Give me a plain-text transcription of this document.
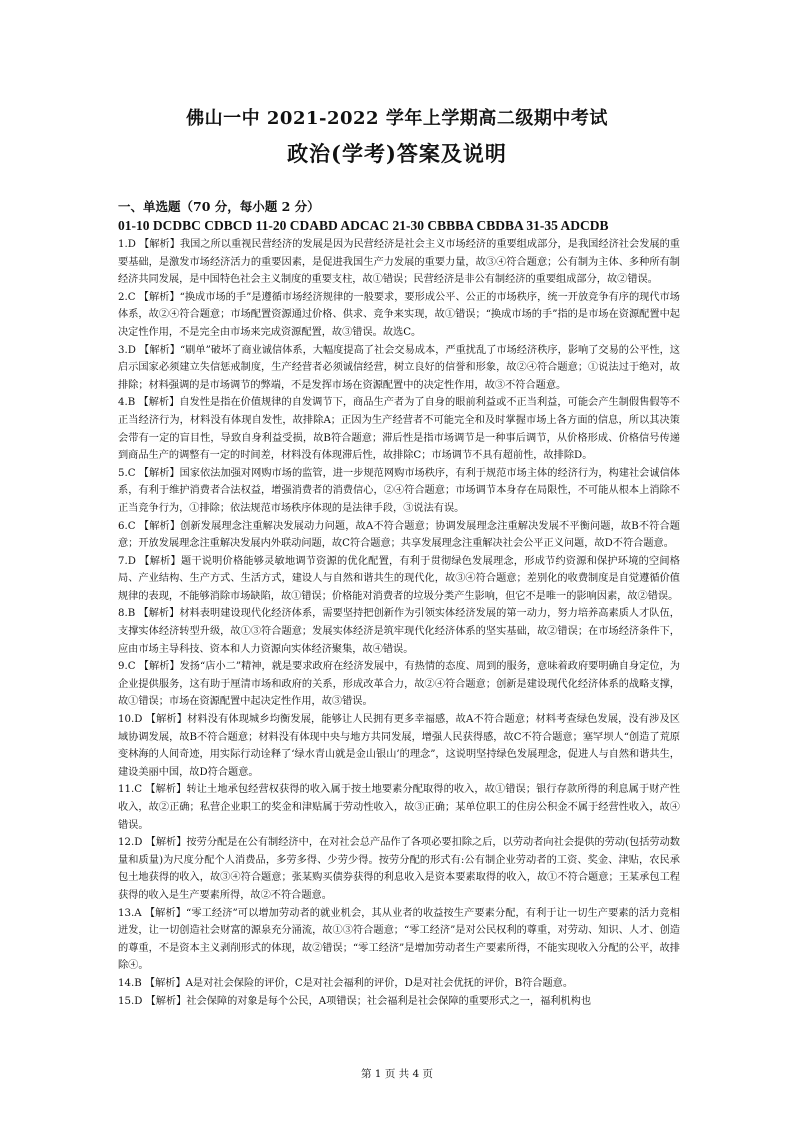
佛山一中 2021-2022 学年上学期高二级期中考试
政治(学考)答案及说明
一、单选题（70 分，每小题 2 分）
01-10 DCDBC CDBCD 11-20 CDABD ADCAC 21-30 CBBBA CBDBA 31-35 ADCDB

1.D 【解析】我国之所以重视民营经济的发展是因为民营经济是社会主义市场经济的重要组成部分，是我国经济社会发展的重要基础，是激发市场经济活力的重要因素，是促进我国生产力发展的重要力量，故③④符合题意；公有制为主体、多种所有制经济共同发展，是中国特色社会主义制度的重要支柱，故①错误；民营经济是非公有制经济的重要组成部分，故②错误。

2.C 【解析】“换成市场的手”是遵循市场经济规律的一般要求，要形成公平、公正的市场秩序，统一开放竞争有序的现代市场体系，故②④符合题意；市场配置资源通过价格、供求、竞争来实现，故①错误；“换成市场的手”指的是市场在资源配置中起决定性作用，不是完全由市场来完成资源配置，故③错误。故选C。

3.D 【解析】“刷单”破坏了商业诚信体系，大幅度提高了社会交易成本，严重扰乱了市场经济秩序，影响了交易的公平性，这启示国家必须建立失信惩戒制度，生产经营者必须诚信经营，树立良好的信誉和形象，故②④符合题意；①说法过于绝对，故排除；材料强调的是市场调节的弊端，不是发挥市场在资源配置中的决定性作用，故③不符合题意。

4.B 【解析】自发性是指在价值规律的自发调节下，商品生产者为了自身的眼前利益或不正当利益，可能会产生制假售假等不正当经济行为，材料没有体现自发性，故排除A；正因为生产经营者不可能完全和及时掌握市场上各方面的信息，所以其决策会带有一定的盲目性，导致自身利益受损，故B符合题意；滞后性是指市场调节是一种事后调节，从价格形成、价格信号传递到商品生产的调整有一定的时间差，材料没有体现滞后性，故排除C；市场调节不具有超前性，故排除D。

5.C 【解析】国家依法加强对网购市场的监管，进一步规范网购市场秩序，有利于规范市场主体的经济行为，构建社会诚信体系，有利于维护消费者合法权益，增强消费者的消费信心，②④符合题意；市场调节本身存在局限性，不可能从根本上消除不正当竞争行为，①排除；依法规范市场秩序体现的是法律手段，③说法有误。

6.C 【解析】创新发展理念注重解决发展动力问题，故A不符合题意；协调发展理念注重解决发展不平衡问题，故B不符合题意；开放发展理念注重解决发展内外联动问题，故C符合题意；共享发展理念注重解决社会公平正义问题，故D不符合题意。

7.D 【解析】题干说明价格能够灵敏地调节资源的优化配置，有利于贯彻绿色发展理念，形成节约资源和保护环境的空间格局、产业结构、生产方式、生活方式，建设人与自然和谐共生的现代化，故③④符合题意；差别化的收费制度是自觉遵循价值规律的表现，不能够消除市场缺陷，故①错误；价格能对消费者的垃圾分类产生影响，但它不是唯一的影响因素，故②错误。

8.B 【解析】材料表明建设现代化经济体系，需要坚持把创新作为引领实体经济发展的第一动力，努力培养高素质人才队伍，支撑实体经济转型升级，故①③符合题意；发展实体经济是筑牢现代化经济体系的坚实基础，故②错误；在市场经济条件下，应由市场主导科技、资本和人力资源向实体经济聚集，故④错误。

9.C 【解析】发扬“店小二”精神，就是要求政府在经济发展中，有热情的态度、周到的服务，意味着政府要明确自身定位，为企业提供服务，这有助于厘清市场和政府的关系，形成改革合力，故②④符合题意；创新是建设现代化经济体系的战略支撑，故①错误；市场在资源配置中起决定性作用，故③错误。

10.D 【解析】材料没有体现城乡均衡发展，能够让人民拥有更多幸福感，故A不符合题意；材料考查绿色发展，没有涉及区域协调发展，故B不符合题意；材料没有体现中央与地方共同发展，增强人民获得感，故C不符合题意；塞罕坝人“创造了荒原变林海的人间奇迹，用实际行动诠释了‘绿水青山就是金山银山’的理念”，这说明坚持绿色发展理念，促进人与自然和谐共生，建设美丽中国，故D符合题意。

11.C 【解析】转让土地承包经营权获得的收入属于按土地要素分配取得的收入，故①错误；银行存款所得的利息属于财产性收入，故②正确；私营企业职工的奖金和津贴属于劳动性收入，故③正确；某单位职工的住房公积金不属于经营性收入，故④错误。

12.D 【解析】按劳分配是在公有制经济中，在对社会总产品作了各项必要扣除之后，以劳动者向社会提供的劳动(包括劳动数量和质量)为尺度分配个人消费品，多劳多得、少劳少得。按劳分配的形式有:公有制企业劳动者的工资、奖金、津贴，农民承包土地获得的收入，故③④符合题意；张某购买债券获得的利息收入是资本要素取得的收入，故①不符合题意；王某承包工程获得的收入是生产要素所得，故②不符合题意。

13.A 【解析】“零工经济”可以增加劳动者的就业机会，其从业者的收益按生产要素分配，有利于让一切生产要素的活力竞相迸发，让一切创造社会财富的源泉充分涌流，故①③符合题意；“零工经济”是对公民权利的尊重，对劳动、知识、人才、创造的尊重，不是资本主义剥削形式的体现，故②错误；“零工经济”是增加劳动者生产要素所得，不能实现收入分配的公平，故排除④。

14.B 【解析】A是对社会保险的评价，C是对社会福利的评价，D是对社会优抚的评价，B符合题意。

15.D 【解析】社会保障的对象是每个公民，A项错误；社会福利是社会保障的重要形式之一，福利机构也

第 1 页 共 4 页
